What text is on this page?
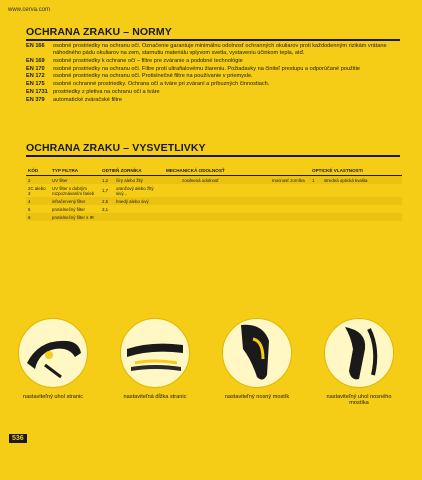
www.cerva.com
OCHRANA ZRAKU – NORMY
EN 166	osobné prostriedky na ochranu očí. Označenie garantuje minimálnu odolnosť ochranných okuliarov proti každodenným rizikám vrátane náhodného pádu okuliarov na zem, starnutiu materiálu vplyvom svetla, vystaveniu účinkom tepla, atď.
EN 169	osobné prostriedky k ochrane očí – filtre pre zváranie a podobné technológie
EN 170	osobné prostriedky na ochranu očí. Filtre proti ultrafialovému žiareniu. Požiadavky na činiteľ prestupu a odporúčané použitie
EN 172	osobné prostriedky na ochranu očí. Protislnečné filtre na používanie v priemysle.
EN 175	osobné ochranné prostriedky. Ochrana očí a tváre pri zváraní a príbuzných činnostiach.
EN 1731 prostriedky z pletiva na ochranu očí a tváre
EN 379	automatické zváračské filtre
OCHRANA ZRAKU – VYSVETLIVKY
KÓD	TYP FILTRA	ODTIEŇ ZORNÍKA		MECHANICKÁ ODOLNOSŤ				OPTICKÉ VLASTNOSTI	
2	UV filter	1,2	číry alebo žltý		zosilnená odolnosť		mocnosť zorníka	1	stredná optická kvalita
2C alebo 3	UV filter s dobrým rozpoznávaním farieb	1,7	oranžový alebo žltý sivý...						
4	infračervený filter	2,5	hnedý alebo sivý						
5	protislnečný filter	3,1							
6	protislnečný filter s IR								
nastaviteľný uhol stranic	nastaviteľná dĺžka stranic	nastaviteľný nosný mostík	nastaviteľný uhol nosného mostíka
536
